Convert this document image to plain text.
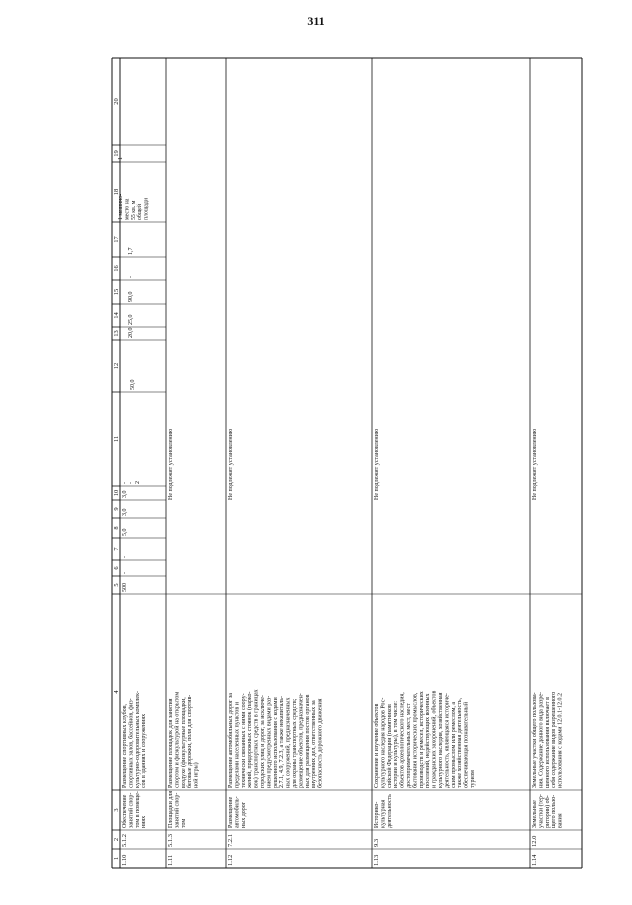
311
1
2
3
4
5
6
7
8
9
10
11
12
13
14
15
16
17
18
19
20
1.10
5.1.2
Обеспечение занятий спор- том в помеще- ниях
Размещение спортивных клубов, спортивных залов, бассейнов, физ- культурно-оздоровительных комплек- сов в зданиях и сооружениях
500
-
-
5,0
3,0
3,0
- - 2
50,0
20,0
25,0
90,0
-
1,7
1 машино- место на 55 кв. м общей площади
1
1.11
5.1.3
Площадки для занятий спор- том
Размещение площадок для занятия спортом и физкультурой на открытом воздухе (физкультурные площадки, беговые дорожки, поля для спортив- ной игры)
Не подлежит установлению
1.12
7.2.1
Размещение автомобиль- ных дорог
Размещение автомобильных дорог за пределами населенных пунктов и технически связанных с ними соору- жений, придорожных стоянок (парко- вок) транспортных средств в границах городских улиц и дорог, за исключе- нием предусмотренных видами раз- решенного использования с кодами 2.7.1, 4.9, 7.2.3, а также некапиталь- ных сооружений, предназначенных для охраны транспортных средств; размещение объектов, предназначен- ных для размещения постов органов внутренних дел, ответственных за безопасность дорожного движения
Не подлежит установлению
1.13
9.3
Историко- культурная деятельность
Сохранение и изучение объектов культурного наследия народов Рос- сийской Федерации (памятников истории и культуры), в том числе: объектов археологического наследия, достопримечательных мест, мест бытования исторических промыслов, производств и ремесел, исторических поселений, недействующих военных и гражданских захоронений, объектов культурного наследия, хозяйственная деятельность, являющаяся историче- ским промыслом или ремеслом, а также хозяйственная деятельность, обеспечивающая познавательный туризм
Не подлежит установлению
1.14
12.0
Земельные участки (тер- ритории) об- щего пользо- вания
Земельные участки общего пользова- ния. Содержание данного вида разре- шенного использования включает в себя содержание видов разрешенного использования с кодами 12.0.1-12.0.2
Не подлежит установлению
